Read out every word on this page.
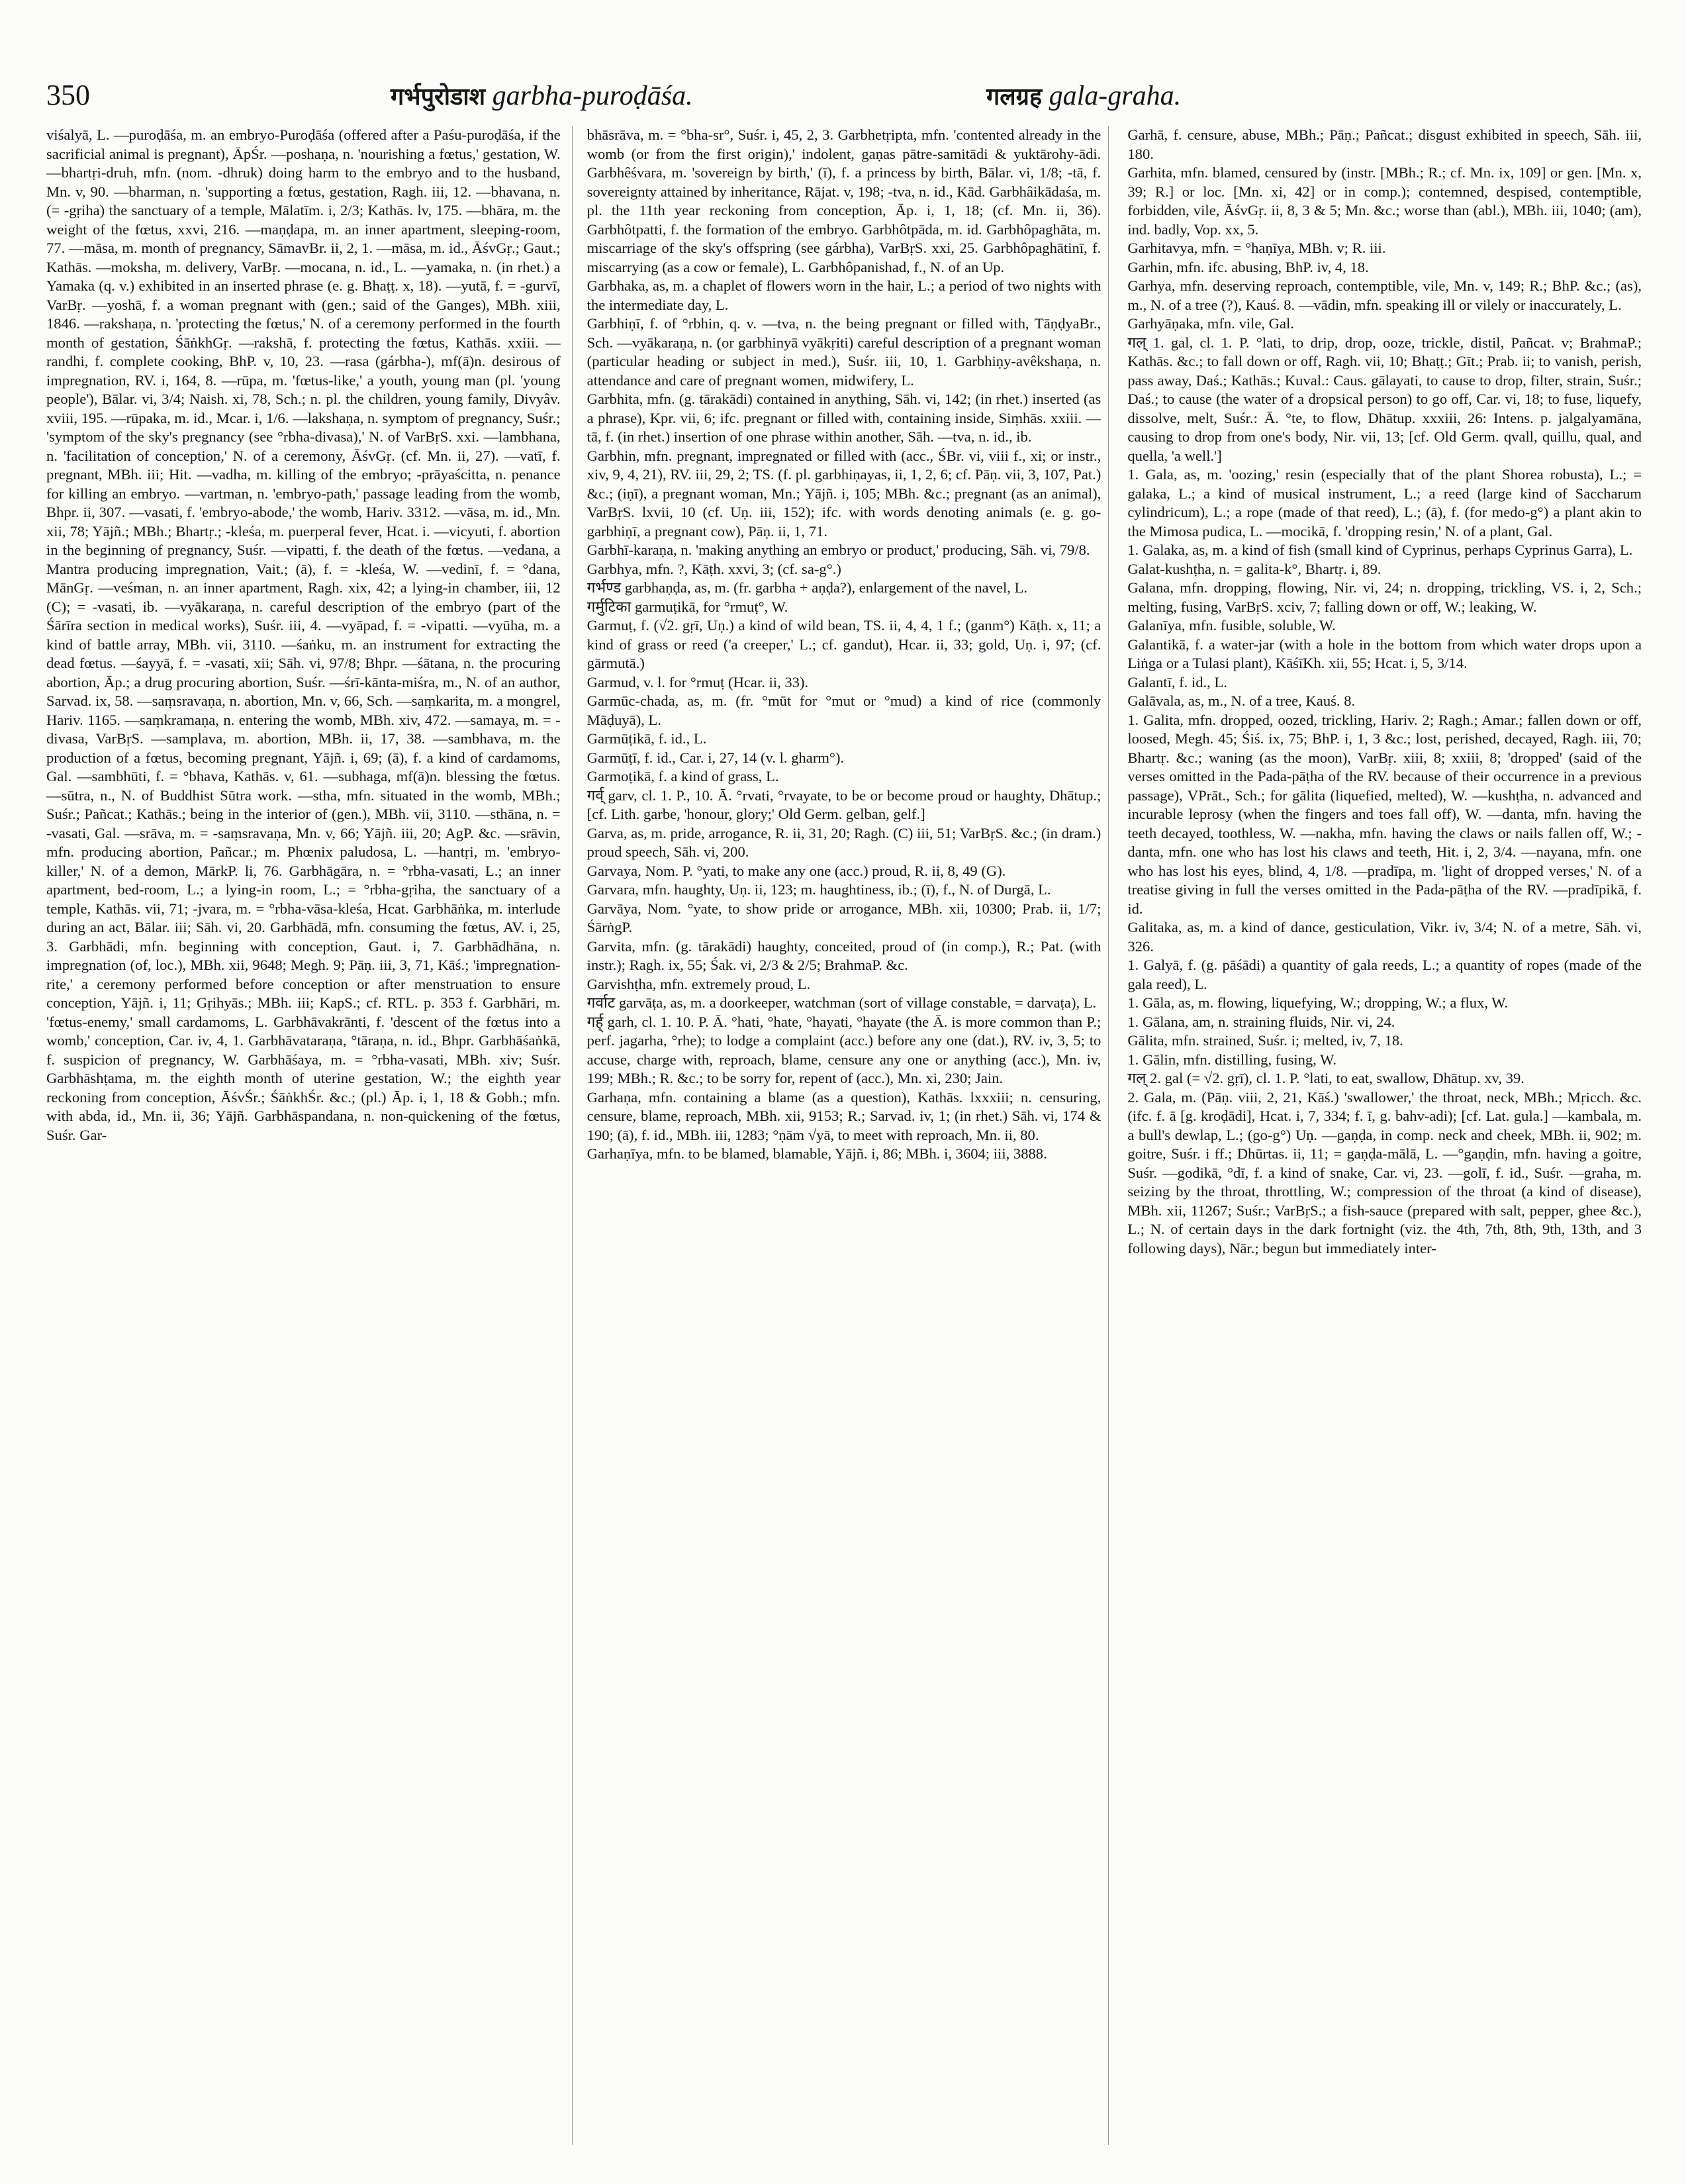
350	गर्भपुरोडाश garbha-puroḍāśa.	गलग्रह gala-graha.

viśalyā, L. —puroḍāśa, m. an embryo-Puroḍāśa (offered after a Paśu-puroḍāśa, if the sacrificial animal is pregnant), ĀpŚr. —poshaṇa, n. 'nourishing a fœtus,' gestation, W. —bhartṛi-druh, mfn. (nom. -dhruk) doing harm to the embryo and to the husband, Mn. v, 90. —bharman, n. 'supporting a fœtus, gestation, Ragh. iii, 12. —bhavana, n. (= -gṛiha) the sanctuary of a temple, Mālatīm. i, 2/3; Kathās. lv, 175. —bhāra, m. the weight of the fœtus, xxvi, 216. —maṇḍapa, m. an inner apartment, sleeping-room, 77. —māsa, m. month of pregnancy, SāmavBr. ii, 2, 1. —māsa, m. id., ĀśvGṛ.; Gaut.; Kathās. —moksha, m. delivery, VarBṛ. —mocana, n. id., L. —yamaka, n. (in rhet.) a Yamaka (q. v.) exhibited in an inserted phrase (e. g. Bhaṭṭ. x, 18). —yutā, f. = -gurvī, VarBṛ. —yoshā, f. a woman pregnant with (gen.; said of the Ganges), MBh. xiii, 1846. —rakshaṇa, n. 'protecting the fœtus,' N. of a ceremony performed in the fourth month of gestation, ŚāṅkhGṛ. —rakshā, f. protecting the fœtus, Kathās. xxiii. —randhi, f. complete cooking, BhP. v, 10, 23. —rasa (gárbha-), mf(ā)n. desirous of impregnation, RV. i, 164, 8. —rūpa, m. 'fœtus-like,' a youth, young man (pl. 'young people'), Bālar. vi, 3/4; Naish. xi, 78, Sch.; n. pl. the children, young family, Divyâv. xviii, 195. —rūpaka, m. id., Mcar. i, 1/6. —lakshaṇa, n. symptom of pregnancy, Suśr.; 'symptom of the sky's pregnancy (see °rbha-divasa),' N. of VarBṛS. xxi. —lambhana, n. 'facilitation of conception,' N. of a ceremony, ĀśvGṛ. (cf. Mn. ii, 27). —vatī, f. pregnant, MBh. iii; Hit. —vadha, m. killing of the embryo; -prāyaścitta, n. penance for killing an embryo. —vartman, n. 'embryo-path,' passage leading from the womb, Bhpr. ii, 307. —vasati, f. 'embryo-abode,' the womb, Hariv. 3312. —vāsa, m. id., Mn. xii, 78; Yājñ.; MBh.; Bhartṛ.; -kleśa, m. puerperal fever, Hcat. i. —vicyuti, f. abortion in the beginning of pregnancy, Suśr. —vipatti, f. the death of the fœtus. —vedana, a Mantra producing impregnation, Vait.; (ā), f. = -kleśa, W. —vedinī, f. = °dana, MānGṛ. —veśman, n. an inner apartment, Ragh. xix, 42; a lying-in chamber, iii, 12 (C); = -vasati, ib. —vyākaraṇa, n. careful description of the embryo (part of the Śārīra section in medical works), Suśr. iii, 4. —vyāpad, f. = -vipatti. —vyūha, m. a kind of battle array, MBh. vii, 3110. —śaṅku, m. an instrument for extracting the dead fœtus. —śayyā, f. = -vasati, xii; Sāh. vi, 97/8; Bhpr. —śātana, n. the procuring abortion, Āp.; a drug procuring abortion, Suśr. —śrī-kānta-miśra, m., N. of an author, Sarvad. ix, 58. —saṃsravaṇa, n. abortion, Mn. v, 66, Sch. —saṃkarita, m. a mongrel, Hariv. 1165. —saṃkramaṇa, n. entering the womb, MBh. xiv, 472. —samaya, m. = -divasa, VarBṛS. —samplava, m. abortion, MBh. ii, 17, 38. —sambhava, m. the production of a fœtus, becoming pregnant, Yājñ. i, 69; (ā), f. a kind of cardamoms, Gal. —sambhūti, f. = °bhava, Kathās. v, 61. —subhaga, mf(ā)n. blessing the fœtus. —sūtra, n., N. of Buddhist Sūtra work. —stha, mfn. situated in the womb, MBh.; Suśr.; Pañcat.; Kathās.; being in the interior of (gen.), MBh. vii, 3110. —sthāna, n. = -vasati, Gal. —srāva, m. = -saṃsravaṇa, Mn. v, 66; Yājñ. iii, 20; AgP. &c. —srāvin, mfn. producing abortion, Pañcar.; m. Phœnix paludosa, L. —hantṛi, m. 'embryo-killer,' N. of a demon, MārkP. li, 76. Garbhāgāra, n. = °rbha-vasati, L.; an inner apartment, bed-room, L.; a lying-in room, L.; = °rbha-gṛiha, the sanctuary of a temple, Kathās. vii, 71; -jvara, m. = °rbha-vāsa-kleśa, Hcat. Garbhāṅka, m. interlude during an act, Bālar. iii; Sāh. vi, 20. Garbhādā, mfn. consuming the fœtus, AV. i, 25, 3. Garbhādi, mfn. beginning with conception, Gaut. i, 7. Garbhādhāna, n. impregnation (of, loc.), MBh. xii, 9648; Megh. 9; Pāṇ. iii, 3, 71, Kāś.; 'impregnation-rite,' a ceremony performed before conception or after menstruation to ensure conception, Yājñ. i, 11; Gṛihyās.; MBh. iii; KapS.; cf. RTL. p. 353 f. Garbhāri, m. 'fœtus-enemy,' small cardamoms, L. Garbhāvakrānti, f. 'descent of the fœtus into a womb,' conception, Car. iv, 4, 1. Garbhāvataraṇa, °tāraṇa, n. id., Bhpr. Garbhāśaṅkā, f. suspicion of pregnancy, W. Garbhāśaya, m. = °rbha-vasati, MBh. xiv; Suśr. Garbhāshṭama, m. the eighth month of uterine gestation, W.; the eighth year reckoning from conception, ĀśvŚr.; ŚāṅkhŚr. &c.; (pl.) Āp. i, 1, 18 & Gobh.; mfn. with abda, id., Mn. ii, 36; Yājñ. Garbhāspandana, n. non-quickening of the fœtus, Suśr. Gar-

bhāsrāva, m. = °bha-sr°, Suśr. i, 45, 2, 3. Garbhetṛipta, mfn. 'contented already in the womb (or from the first origin),' indolent, gaṇas pātre-samitādi & yuktārohy-ādi. Garbhêśvara, m. 'sovereign by birth,' (ī), f. a princess by birth, Bālar. vi, 1/8; -tā, f. sovereignty attained by inheritance, Rājat. v, 198; -tva, n. id., Kād. Garbhâikādaśa, m. pl. the 11th year reckoning from conception, Āp. i, 1, 18; (cf. Mn. ii, 36). Garbhôtpatti, f. the formation of the embryo. Garbhôtpāda, m. id. Garbhôpaghāta, m. miscarriage of the sky's offspring (see gárbha), VarBṛS. xxi, 25. Garbhôpaghātinī, f. miscarrying (as a cow or female), L. Garbhôpanishad, f., N. of an Up.

Garbhaka, as, m. a chaplet of flowers worn in the hair, L.; a period of two nights with the intermediate day, L.

Garbhiṇī, f. of °rbhin, q. v. —tva, n. the being pregnant or filled with, TāṇḍyaBr., Sch. —vyākaraṇa, n. (or garbhinyā vyākṛiti) careful description of a pregnant woman (particular heading or subject in med.), Suśr. iii, 10, 1. Garbhiṇy-avêkshaṇa, n. attendance and care of pregnant women, midwifery, L.

Garbhita, mfn. (g. tārakādi) contained in anything, Sāh. vi, 142; (in rhet.) inserted (as a phrase), Kpr. vii, 6; ifc. pregnant or filled with, containing inside, Siṃhās. xxiii. —tā, f. (in rhet.) insertion of one phrase within another, Sāh. —tva, n. id., ib.

Garbhin, mfn. pregnant, impregnated or filled with (acc., ŚBr. vi, viii f., xi; or instr., xiv, 9, 4, 21), RV. iii, 29, 2; TS. (f. pl. garbhiṇayas, ii, 1, 2, 6; cf. Pāṇ. vii, 3, 107, Pat.) &c.; (iṇī), a pregnant woman, Mn.; Yājñ. i, 105; MBh. &c.; pregnant (as an animal), VarBṛS. lxvii, 10 (cf. Uṇ. iii, 152); ifc. with words denoting animals (e. g. go-garbhiṇī, a pregnant cow), Pāṇ. ii, 1, 71.

Garbhī-karaṇa, n. 'making anything an embryo or product,' producing, Sāh. vi, 79/8.

Garbhya, mfn. ?, Kāṭh. xxvi, 3; (cf. sa-g°.)

गर्भण्ड garbhaṇḍa, as, m. (fr. garbha + aṇḍa?), enlargement of the navel, L.

गर्मुटिका garmuṭikā, for °rmuṭ°, W.

Garmuṭ, f. (√2. gṛī, Uṇ.) a kind of wild bean, TS. ii, 4, 4, 1 f.; (ganm°) Kāṭh. x, 11; a kind of grass or reed ('a creeper,' L.; cf. gandut), Hcar. ii, 33; gold, Uṇ. i, 97; (cf. gārmutā.)

Garmud, v. l. for °rmuṭ (Hcar. ii, 33).

Garmūc-chada, as, m. (fr. °mūt for °mut or °mud) a kind of rice (commonly Māḍuyā), L.

Garmūṭikā, f. id., L.

Garmūṭī, f. id., Car. i, 27, 14 (v. l. gharm°).

Garmoṭikā, f. a kind of grass, L.

गर्व् garv, cl. 1. P., 10. Ā. °rvati, °rvayate, to be or become proud or haughty, Dhātup.; [cf. Lith. garbe, 'honour, glory;' Old Germ. gelban, gelf.]

Garva, as, m. pride, arrogance, R. ii, 31, 20; Ragh. (C) iii, 51; VarBṛS. &c.; (in dram.) proud speech, Sāh. vi, 200.

Garvaya, Nom. P. °yati, to make any one (acc.) proud, R. ii, 8, 49 (G).

Garvara, mfn. haughty, Uṇ. ii, 123; m. haughtiness, ib.; (ī), f., N. of Durgā, L.

Garvāya, Nom. °yate, to show pride or arrogance, MBh. xii, 10300; Prab. ii, 1/7; ŚārṅgP.

Garvita, mfn. (g. tārakādi) haughty, conceited, proud of (in comp.), R.; Pat. (with instr.); Ragh. ix, 55; Śak. vi, 2/3 & 2/5; BrahmaP. &c.

Garvishṭha, mfn. extremely proud, L.

गर्वाट garvāṭa, as, m. a doorkeeper, watchman (sort of village constable, = darvaṭa), L.

गर्ह् garh, cl. 1. 10. P. Ā. °hati, °hate, °hayati, °hayate (the Ā. is more common than P.; perf. jagarha, °rhe); to lodge a complaint (acc.) before any one (dat.), RV. iv, 3, 5; to accuse, charge with, reproach, blame, censure any one or anything (acc.), Mn. iv, 199; MBh.; R. &c.; to be sorry for, repent of (acc.), Mn. xi, 230; Jain.

Garhaṇa, mfn. containing a blame (as a question), Kathās. lxxxiii; n. censuring, censure, blame, reproach, MBh. xii, 9153; R.; Sarvad. iv, 1; (in rhet.) Sāh. vi, 174 & 190; (ā), f. id., MBh. iii, 1283; °ṇām √yā, to meet with reproach, Mn. ii, 80.

Garhaṇīya, mfn. to be blamed, blamable, Yājñ. i, 86; MBh. i, 3604; iii, 3888.

Garhā, f. censure, abuse, MBh.; Pāṇ.; Pañcat.; disgust exhibited in speech, Sāh. iii, 180.

Garhita, mfn. blamed, censured by (instr. [MBh.; R.; cf. Mn. ix, 109] or gen. [Mn. x, 39; R.] or loc. [Mn. xi, 42] or in comp.); contemned, despised, contemptible, forbidden, vile, ĀśvGṛ. ii, 8, 3 & 5; Mn. &c.; worse than (abl.), MBh. iii, 1040; (am), ind. badly, Vop. xx, 5.

Garhitavya, mfn. = °haṇīya, MBh. v; R. iii.

Garhin, mfn. ifc. abusing, BhP. iv, 4, 18.

Garhya, mfn. deserving reproach, contemptible, vile, Mn. v, 149; R.; BhP. &c.; (as), m., N. of a tree (?), Kauś. 8. —vādin, mfn. speaking ill or vilely or inaccurately, L.

Garhyāṇaka, mfn. vile, Gal.

गल् 1. gal, cl. 1. P. °lati, to drip, drop, ooze, trickle, distil, Pañcat. v; BrahmaP.; Kathās. &c.; to fall down or off, Ragh. vii, 10; Bhaṭṭ.; Gīt.; Prab. ii; to vanish, perish, pass away, Daś.; Kathās.; Kuval.: Caus. gālayati, to cause to drop, filter, strain, Suśr.; Daś.; to cause (the water of a dropsical person) to go off, Car. vi, 18; to fuse, liquefy, dissolve, melt, Suśr.: Ā. °te, to flow, Dhātup. xxxiii, 26: Intens. p. jalgalyamāna, causing to drop from one's body, Nir. vii, 13; [cf. Old Germ. qvall, quillu, qual, and quella, 'a well.']

1. Gala, as, m. 'oozing,' resin (especially that of the plant Shorea robusta), L.; = galaka, L.; a kind of musical instrument, L.; a reed (large kind of Saccharum cylindricum), L.; a rope (made of that reed), L.; (ā), f. (for medo-g°) a plant akin to the Mimosa pudica, L. —mocikā, f. 'dropping resin,' N. of a plant, Gal.

1. Galaka, as, m. a kind of fish (small kind of Cyprinus, perhaps Cyprinus Garra), L.

Galat-kushṭha, n. = galita-k°, Bhartṛ. i, 89.

Galana, mfn. dropping, flowing, Nir. vi, 24; n. dropping, trickling, VS. i, 2, Sch.; melting, fusing, VarBṛS. xciv, 7; falling down or off, W.; leaking, W.

Galanīya, mfn. fusible, soluble, W.

Galantikā, f. a water-jar (with a hole in the bottom from which water drops upon a Liṅga or a Tulasi plant), KāśīKh. xii, 55; Hcat. i, 5, 3/14.

Galantī, f. id., L.

Galāvala, as, m., N. of a tree, Kauś. 8.

1. Galita, mfn. dropped, oozed, trickling, Hariv. 2; Ragh.; Amar.; fallen down or off, loosed, Megh. 45; Śiś. ix, 75; BhP. i, 1, 3 &c.; lost, perished, decayed, Ragh. iii, 70; Bhartṛ. &c.; waning (as the moon), VarBṛ. xiii, 8; xxiii, 8; 'dropped' (said of the verses omitted in the Pada-pāṭha of the RV. because of their occurrence in a previous passage), VPrāt., Sch.; for gālita (liquefied, melted), W. —kushṭha, n. advanced and incurable leprosy (when the fingers and toes fall off), W. —danta, mfn. having the teeth decayed, toothless, W. —nakha, mfn. having the claws or nails fallen off, W.; -danta, mfn. one who has lost his claws and teeth, Hit. i, 2, 3/4. —nayana, mfn. one who has lost his eyes, blind, 4, 1/8. —pradīpa, m. 'light of dropped verses,' N. of a treatise giving in full the verses omitted in the Pada-pāṭha of the RV. —pradīpikā, f. id.

Galitaka, as, m. a kind of dance, gesticulation, Vikr. iv, 3/4; N. of a metre, Sāh. vi, 326.

1. Galyā, f. (g. pāśādi) a quantity of gala reeds, L.; a quantity of ropes (made of the gala reed), L.

1. Gāla, as, m. flowing, liquefying, W.; dropping, W.; a flux, W.

1. Gālana, am, n. straining fluids, Nir. vi, 24.

Gālita, mfn. strained, Suśr. i; melted, iv, 7, 18.

1. Gālin, mfn. distilling, fusing, W.

गल् 2. gal (= √2. gṛī), cl. 1. P. °lati, to eat, swallow, Dhātup. xv, 39.

2. Gala, m. (Pāṇ. viii, 2, 21, Kāś.) 'swallower,' the throat, neck, MBh.; Mṛicch. &c. (ifc. f. ā [g. kroḍādi], Hcat. i, 7, 334; f. ī, g. bahv-adi); [cf. Lat. gula.] —kambala, m. a bull's dewlap, L.; (go-g°) Uṇ. —gaṇḍa, in comp. neck and cheek, MBh. ii, 902; m. goitre, Suśr. i ff.; Dhūrtas. ii, 11; = gaṇḍa-mālā, L. —°gaṇḍin, mfn. having a goitre, Suśr. —godikā, °dī, f. a kind of snake, Car. vi, 23. —golī, f. id., Suśr. —graha, m. seizing by the throat, throttling, W.; compression of the throat (a kind of disease), MBh. xii, 11267; Suśr.; VarBṛS.; a fish-sauce (prepared with salt, pepper, ghee &c.), L.; N. of certain days in the dark fortnight (viz. the 4th, 7th, 8th, 9th, 13th, and 3 following days), Nār.; begun but immediately inter-
